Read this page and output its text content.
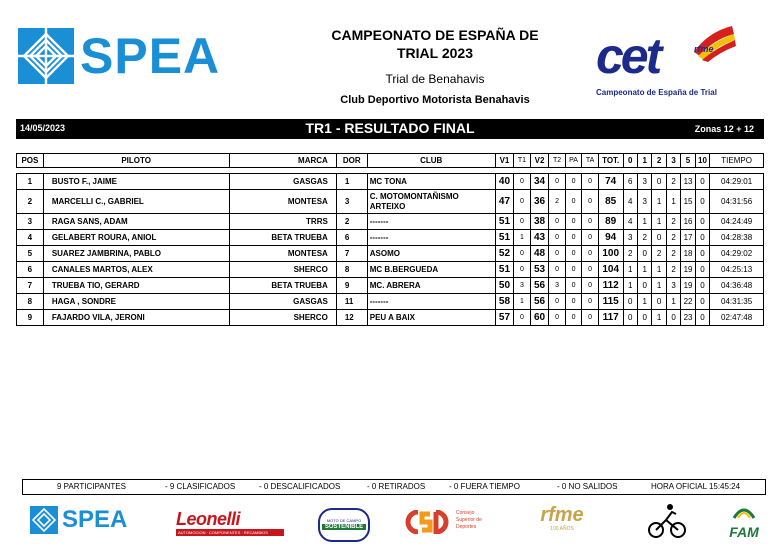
SPEA	CAMPEONATO DE ESPAÑA DE
TRIAL 2023
Trial de Benahavis
Club Deportivo Motorista Benahavis
cet	rfme
Campeonato de España de Trial
14/05/2023	TR1 - RESULTADO FINAL	Zonas 12 + 12
POS	PILOTO	MARCA	DOR	CLUB	V1	T1	V2	T2	PA	TA	TOT.	0	1	2	3	5	10	TIEMPO

1	BUSTO F., JAIME	GASGAS	1	MC TONA	40	0	34	0	0	0	74	6	3	0	2	13	0	04:29:01
2	MARCELLI C., GABRIEL	MONTESA	3	C. MOTOMONTAÑISMO ARTEIXO	47	0	36	2	0	0	85	4	3	1	1	15	0	04:31:56
3	RAGA SANS, ADAM	TRRS	2	-------	51	0	38	0	0	0	89	4	1	1	2	16	0	04:24:49
4	GELABERT ROURA, ANIOL	BETA TRUEBA	6	-------	51	1	43	0	0	0	94	3	2	0	2	17	0	04:28:38
5	SUAREZ JAMBRINA, PABLO	MONTESA	7	ASOMO	52	0	48	0	0	0	100	2	0	2	2	18	0	04:29:02
6	CANALES MARTOS, ALEX	SHERCO	8	MC B.BERGUEDA	51	0	53	0	0	0	104	1	1	1	2	19	0	04:25:13
7	TRUEBA TIO, GERARD	BETA TRUEBA	9	MC. ABRERA	50	3	56	3	0	0	112	1	0	1	3	19	0	04:36:48
8	HAGA , SONDRE	GASGAS	11	-------	58	1	56	0	0	0	115	0	1	0	1	22	0	04:31:35
9	FAJARDO VILA, JERONI	SHERCO	12	PEU A BAIX	57	0	60	0	0	0	117	0	0	1	0	23	0	02:47:48
9 PARTICIPANTES	- 9 CLASIFICADOS	- 0 DESCALIFICADOS	- 0 RETIRADOS	- 0 FUERA TIEMPO	- 0 NO SALIDOS	HORA OFICIAL 15:45:24
SPEA	Leonelli
AUTOMOCION · COMPONENTES · RECAMBIOS
MOTO DE CAMPO
SOSTENIBLE
Consejo
Superior de
Deportes
rfme
100 AÑOS	FAM
